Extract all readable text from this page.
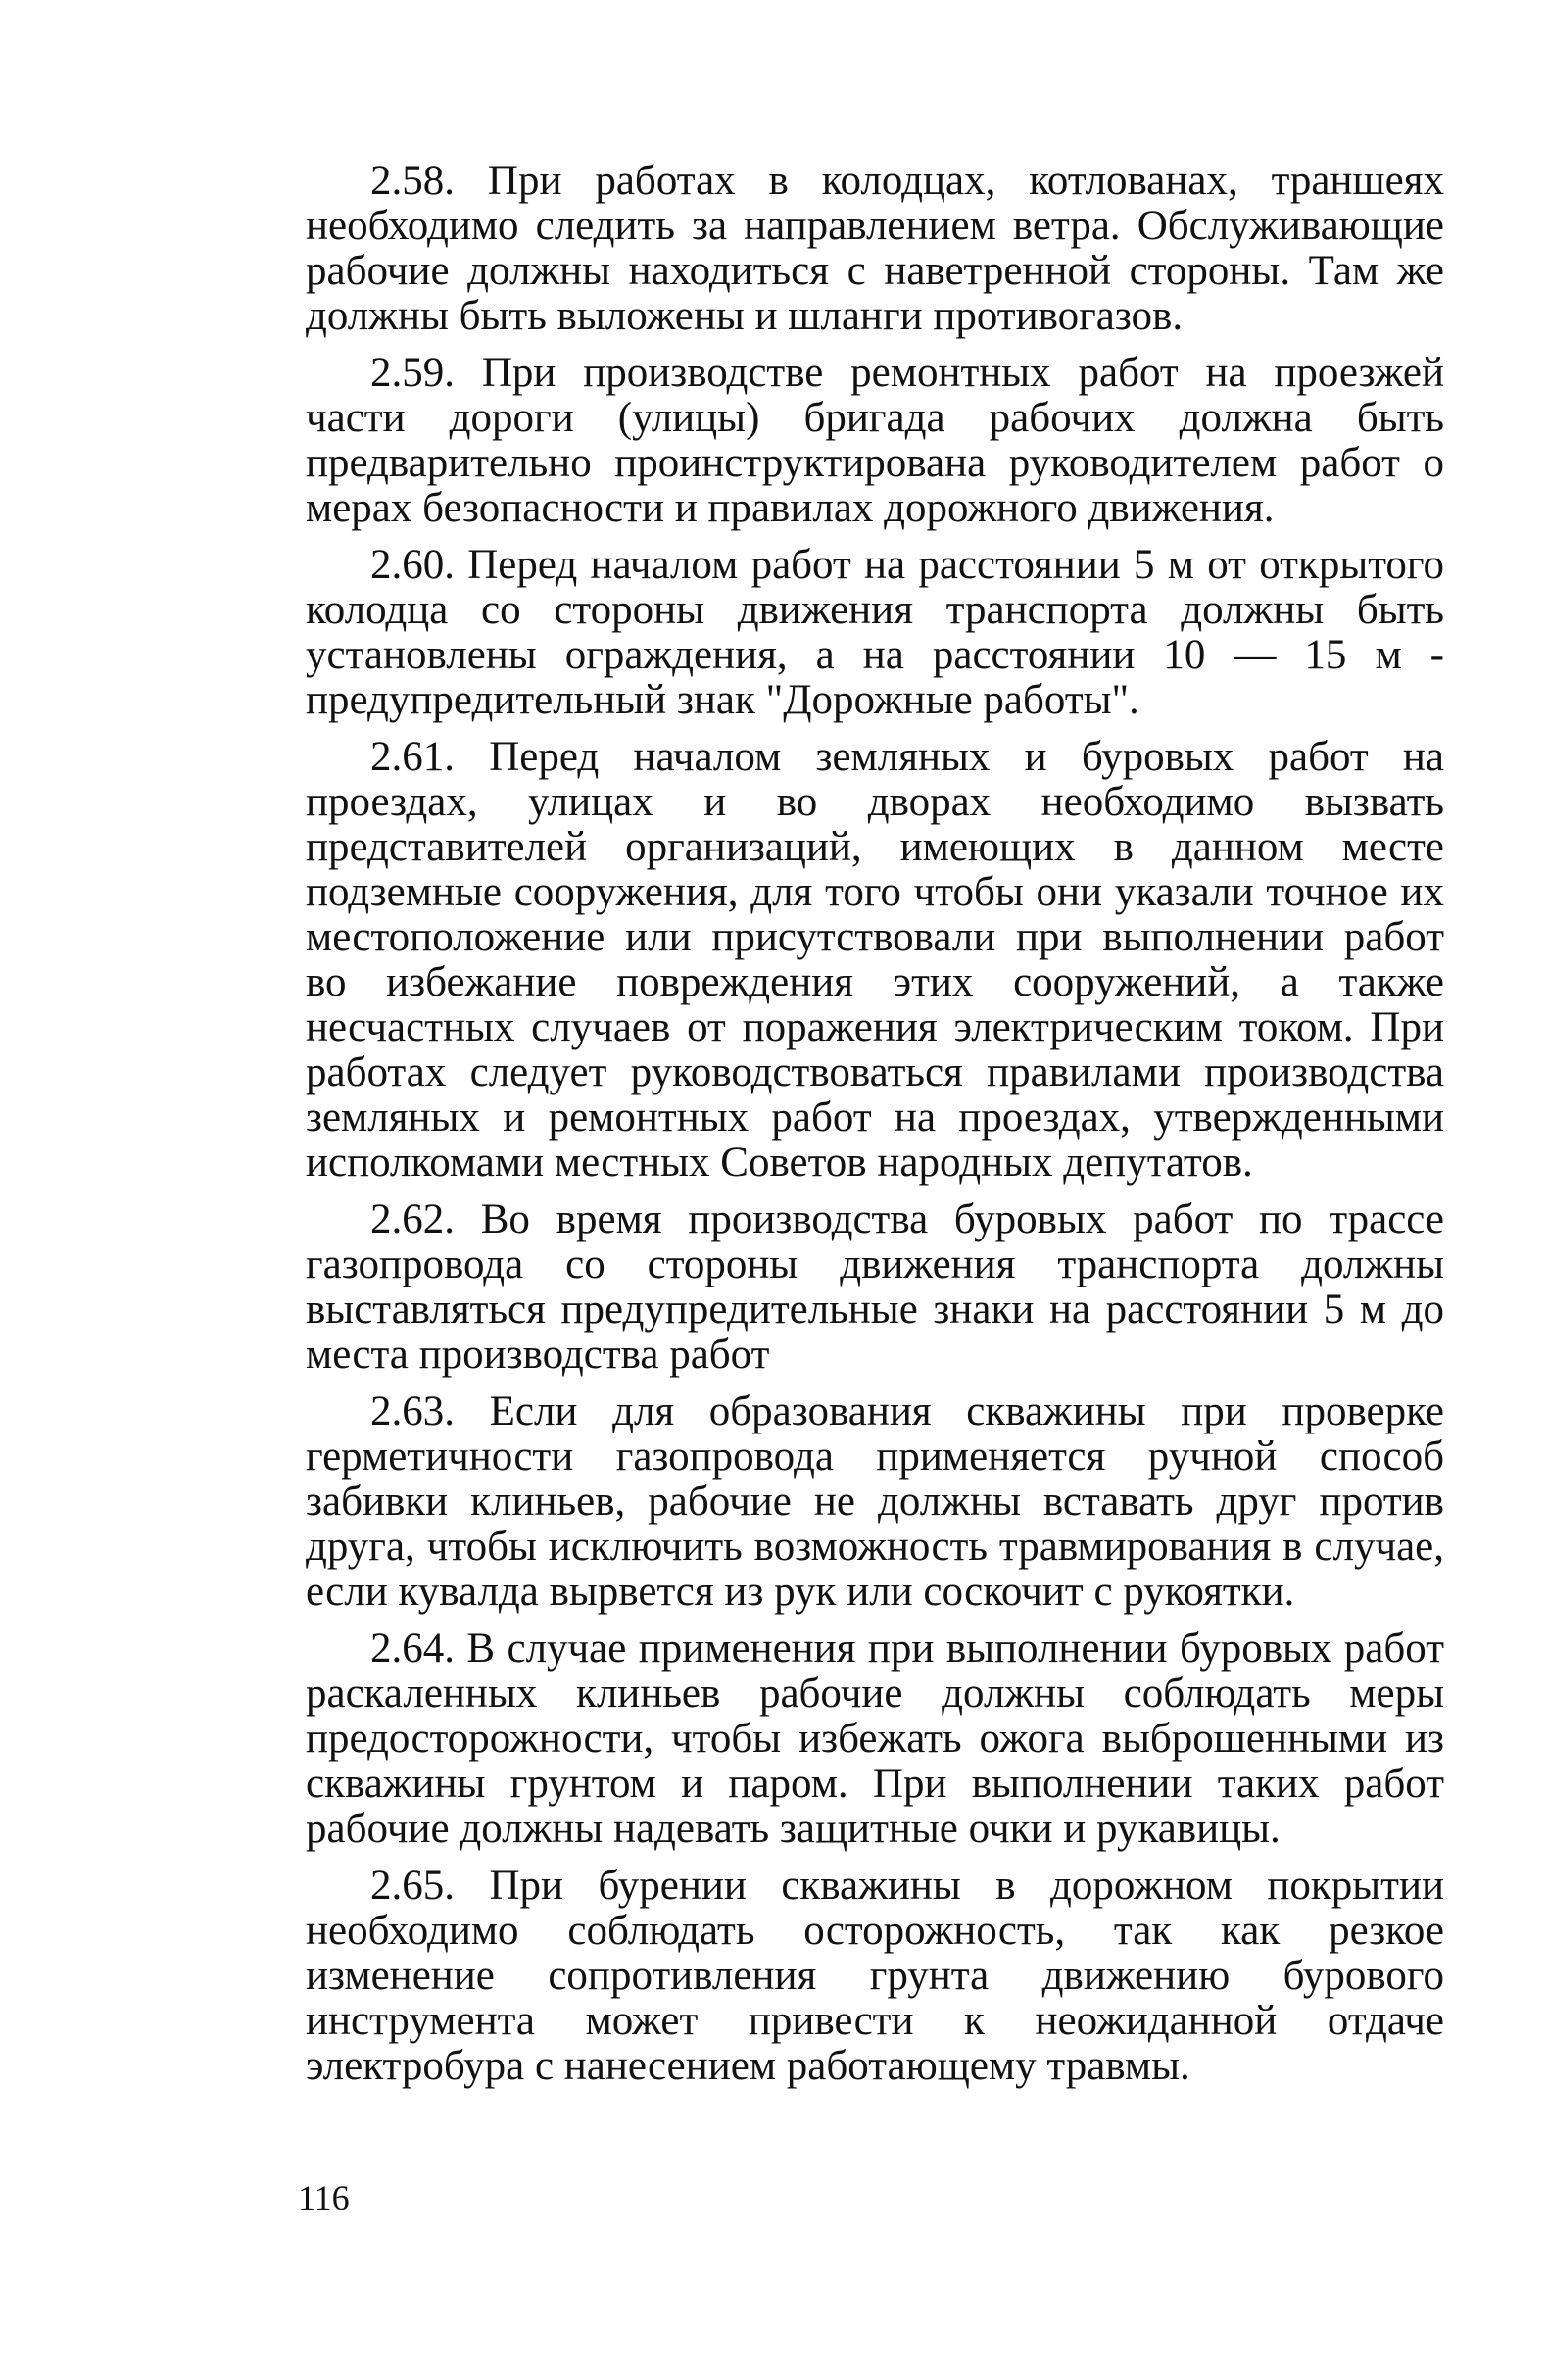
2.58. При работах в колодцах, котлованах, траншеях необходимо следить за направлением ветра. Обслуживающие рабочие должны находиться с наветренной стороны. Там же должны быть выложены и шланги противогазов.

2.59. При производстве ремонтных работ на проезжей части дороги (улицы) бригада рабочих должна быть предварительно проинструктирована руководителем работ о мерах безопасности и правилах дорожного движения.

2.60. Перед началом работ на расстоянии 5 м от открытого колодца со стороны движения транспорта должны быть установлены ограждения, а на расстоянии 10 — 15 м - предупредительный знак "Дорожные работы".

2.61. Перед началом земляных и буровых работ на проездах, улицах и во дворах необходимо вызвать представителей организаций, имеющих в данном месте подземные сооружения, для того чтобы они указали точное их местоположение или присутствовали при выполнении работ во избежание повреждения этих сооружений, а также несчастных случаев от поражения электрическим током. При работах следует руководствоваться правилами производства земляных и ремонтных работ на проездах, утвержденными исполкомами местных Советов народных депутатов.

2.62. Во время производства буровых работ по трассе газопровода со стороны движения транспорта должны выставляться предупредительные знаки на расстоянии 5 м до места производства работ

2.63. Если для образования скважины при проверке герметичности газопровода применяется ручной способ забивки клиньев, рабочие не должны вставать друг против друга, чтобы исключить возможность травмирования в случае, если кувалда вырвется из рук или соскочит с рукоятки.

2.64. В случае применения при выполнении буровых работ раскаленных клиньев рабочие должны соблюдать меры предосторожности, чтобы избежать ожога выброшенными из скважины грунтом и паром. При выполнении таких работ рабочие должны надевать защитные очки и рукавицы.

2.65. При бурении скважины в дорожном покрытии необходимо соблюдать осторожность, так как резкое изменение сопротивления грунта движению бурового инструмента может привести к неожиданной отдаче электробура с нанесением работающему травмы.

116
